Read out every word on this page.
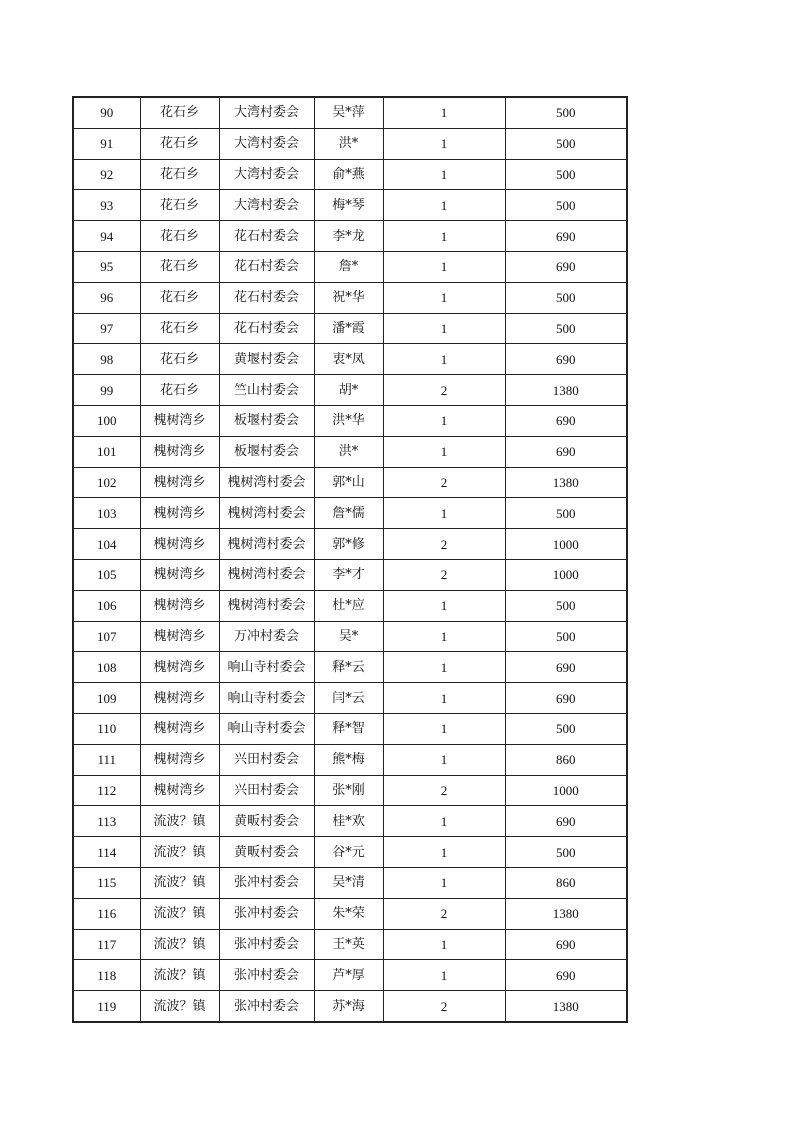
90	花石乡	大湾村委会	吴*萍	1	500
91	花石乡	大湾村委会	洪*	1	500
92	花石乡	大湾村委会	俞*燕	1	500
93	花石乡	大湾村委会	梅*琴	1	500
94	花石乡	花石村委会	李*龙	1	690
95	花石乡	花石村委会	詹*	1	690
96	花石乡	花石村委会	祝*华	1	500
97	花石乡	花石村委会	潘*霞	1	500
98	花石乡	黄堰村委会	衷*凤	1	690
99	花石乡	竺山村委会	胡*	2	1380
100	槐树湾乡	板堰村委会	洪*华	1	690
101	槐树湾乡	板堰村委会	洪*	1	690
102	槐树湾乡	槐树湾村委会	郭*山	2	1380
103	槐树湾乡	槐树湾村委会	詹*儒	1	500
104	槐树湾乡	槐树湾村委会	郭*修	2	1000
105	槐树湾乡	槐树湾村委会	李*才	2	1000
106	槐树湾乡	槐树湾村委会	杜*应	1	500
107	槐树湾乡	万冲村委会	吴*	1	500
108	槐树湾乡	响山寺村委会	释*云	1	690
109	槐树湾乡	响山寺村委会	闫*云	1	690
110	槐树湾乡	响山寺村委会	释*智	1	500
111	槐树湾乡	兴田村委会	熊*梅	1	860
112	槐树湾乡	兴田村委会	张*刚	2	1000
113	流波？镇	黄畈村委会	桂*欢	1	690
114	流波？镇	黄畈村委会	谷*元	1	500
115	流波？镇	张冲村委会	吴*清	1	860
116	流波？镇	张冲村委会	朱*荣	2	1380
117	流波？镇	张冲村委会	王*英	1	690
118	流波？镇	张冲村委会	芦*厚	1	690
119	流波？镇	张冲村委会	苏*海	2	1380
